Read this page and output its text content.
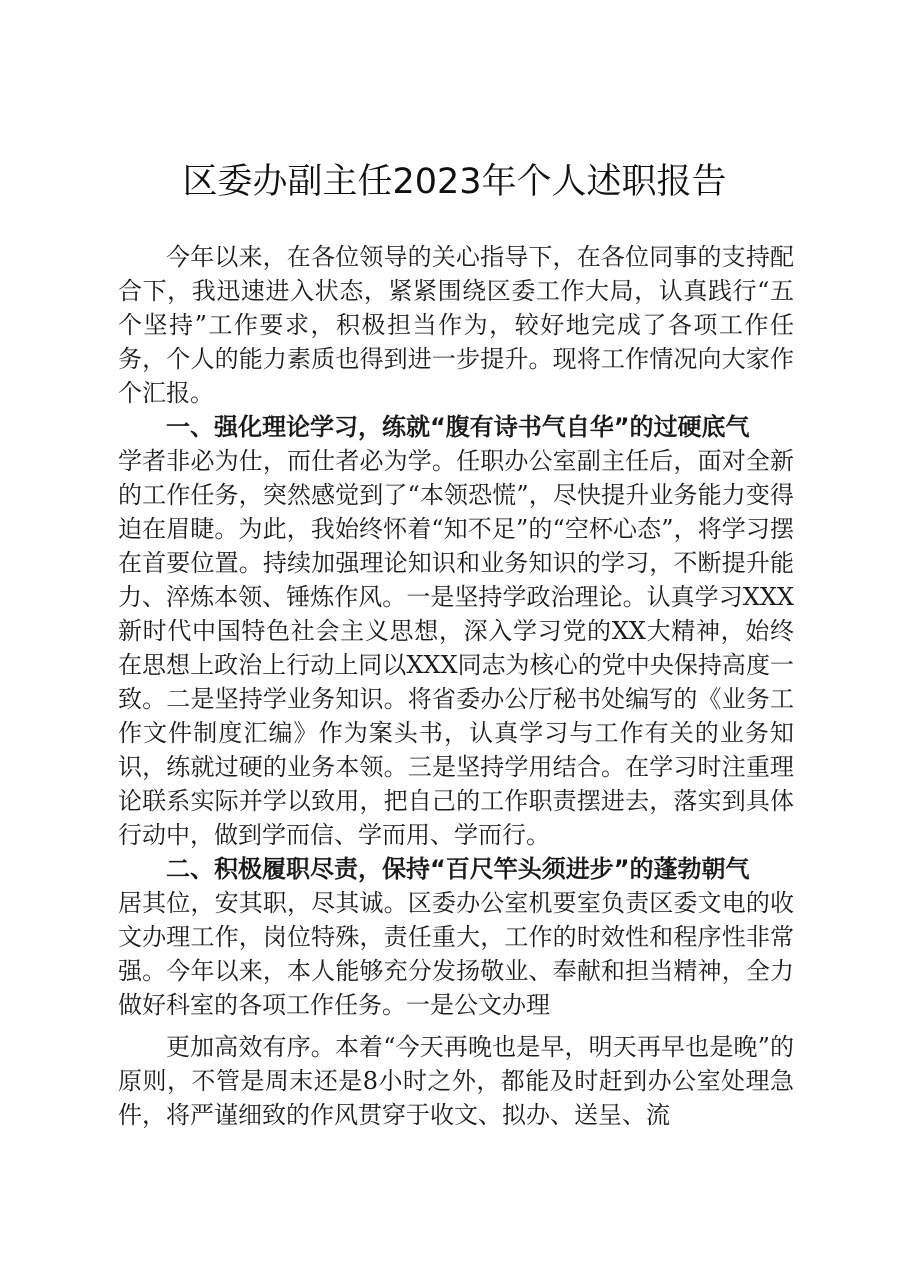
区委办副主任2023年个人述职报告

今年以来，在各位领导的关心指导下，在各位同事的支持配合下，我迅速进入状态，紧紧围绕区委工作大局，认真践行“五个坚持”工作要求，积极担当作为，较好地完成了各项工作任务，个人的能力素质也得到进一步提升。现将工作情况向大家作个汇报。

一、强化理论学习，练就“腹有诗书气自华”的过硬底气

学者非必为仕，而仕者必为学。任职办公室副主任后，面对全新的工作任务，突然感觉到了“本领恐慌”，尽快提升业务能力变得迫在眉睫。为此，我始终怀着“知不足”的“空杯心态”，将学习摆在首要位置。持续加强理论知识和业务知识的学习，不断提升能力、淬炼本领、锤炼作风。一是坚持学政治理论。认真学习XXX新时代中国特色社会主义思想，深入学习党的XX大精神，始终在思想上政治上行动上同以XXX同志为核心的党中央保持高度一致。二是坚持学业务知识。将省委办公厅秘书处编写的《业务工作文件制度汇编》作为案头书，认真学习与工作有关的业务知识，练就过硬的业务本领。三是坚持学用结合。在学习时注重理论联系实际并学以致用，把自己的工作职责摆进去，落实到具体行动中，做到学而信、学而用、学而行。

二、积极履职尽责，保持“百尺竿头须进步”的蓬勃朝气

居其位，安其职，尽其诚。区委办公室机要室负责区委文电的收文办理工作，岗位特殊，责任重大，工作的时效性和程序性非常强。今年以来，本人能够充分发扬敬业、奉献和担当精神，全力做好科室的各项工作任务。一是公文办理

更加高效有序。本着“今天再晚也是早，明天再早也是晚”的原则，不管是周末还是8小时之外，都能及时赶到办公室处理急件，将严谨细致的作风贯穿于收文、拟办、送呈、流
